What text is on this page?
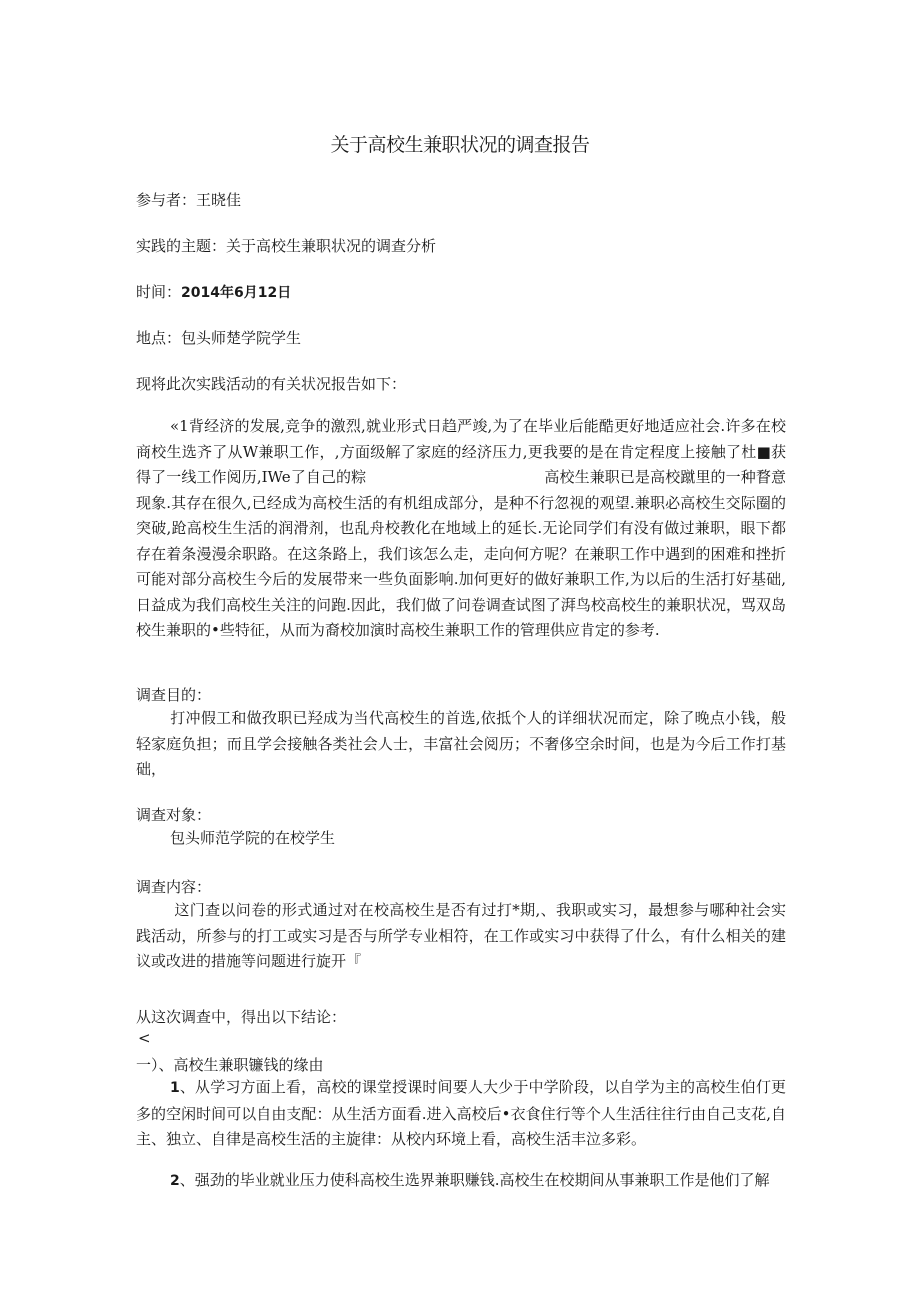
关于高校生兼职状况的调查报告
参与者：王晓佳
实践的主题：关于高校生兼职状况的调查分析
时间：2014年6月12日
地点：包头师楚学院学生
现将此次实践活动的有关状况报告如下：
«1背经济的发展,竞争的激烈,就业形式日趋严竣,为了在毕业后能酷更好地适应社会.许多在校商校生选齐了从W兼职工作，,方面级解了家庭的经济压力,更我要的是在肯定程度上接触了杜■获得了一线工作阅历,IWe了自己的粽	高校生兼职已是高校蹴里的一种瞀意现象.其存在很久,已经成为高校生活的有机组成部分，是种不行忽视的观望.兼职必高校生交际圈的突破,跄高校生生活的润滑剂，也乱舟校教化在地域上的延长.无论同学们有没有做过兼职，眼下都存在着条漫漫余职路。在这条路上，我们该怎么走，走向何方呢？在兼职工作中遇到的困难和挫折可能对部分高校生今后的发展带来一些负面影响.加何更好的做好兼职工作,为以后的生活打好基础,日益成为我们高校生关注的问跑.因此，我们做了问卷调查试图了湃鸟校高校生的兼职状况，骂双岛校生兼职的•些特征，从而为裔校加演时高校生兼职工作的管理供应肯定的参考.
调查目的：
打冲假工和做孜职已羟成为当代高校生的首选,依抵个人的详细状况而定，除了晚点小钱，般轻家庭负担；而且学会接触各类社会人士，丰富社会阅历；不奢侈空余时间，也是为今后工作打基础，
调查对象：
包头师范学院的在校学生
调查内容：
这门查以问卷的形式通过对在校高校生是否有过打*期,、我职或实习，最想参与哪种社会实践活动，所参与的打工或实习是否与所学专业相符，在工作或实习中获得了什么，有什么相关的建议或改进的措施等问题进行旋开『
从这次调查中，得出以下结论：
<
一）、高校生兼职镰钱的缘由
1、从学习方面上看，高校的课堂授课时间要人大少于中学阶段，以自学为主的高校生伯仃更多的空闲时间可以自由支配：从生活方面看.进入高校后•衣食住行等个人生活往往行由自己支花,自主、独立、自律是高校生活的主旋律：从校内环境上看，高校生活丰泣多彩。
2、强劲的毕业就业压力使科高校生选界兼职赚钱.高校生在校期间从事兼职工作是他们了解
